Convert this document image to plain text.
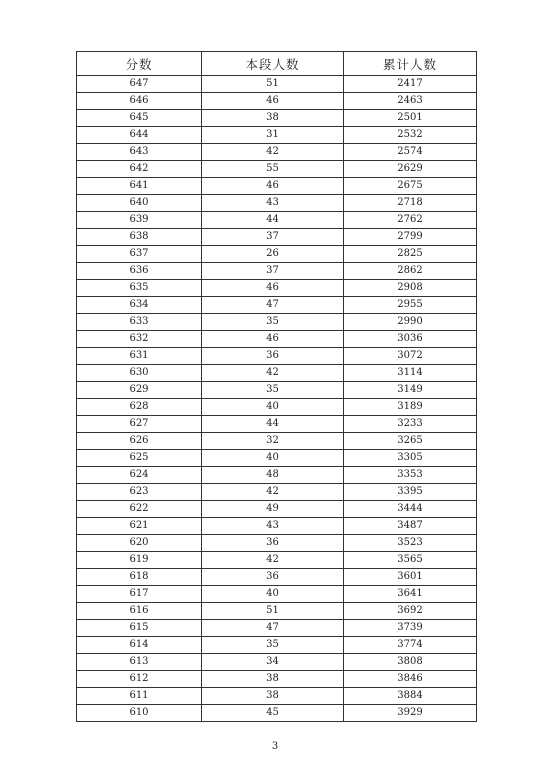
分数	本段人数	累计人数
647	51	2417
646	46	2463
645	38	2501
644	31	2532
643	42	2574
642	55	2629
641	46	2675
640	43	2718
639	44	2762
638	37	2799
637	26	2825
636	37	2862
635	46	2908
634	47	2955
633	35	2990
632	46	3036
631	36	3072
630	42	3114
629	35	3149
628	40	3189
627	44	3233
626	32	3265
625	40	3305
624	48	3353
623	42	3395
622	49	3444
621	43	3487
620	36	3523
619	42	3565
618	36	3601
617	40	3641
616	51	3692
615	47	3739
614	35	3774
613	34	3808
612	38	3846
611	38	3884
610	45	3929
3
